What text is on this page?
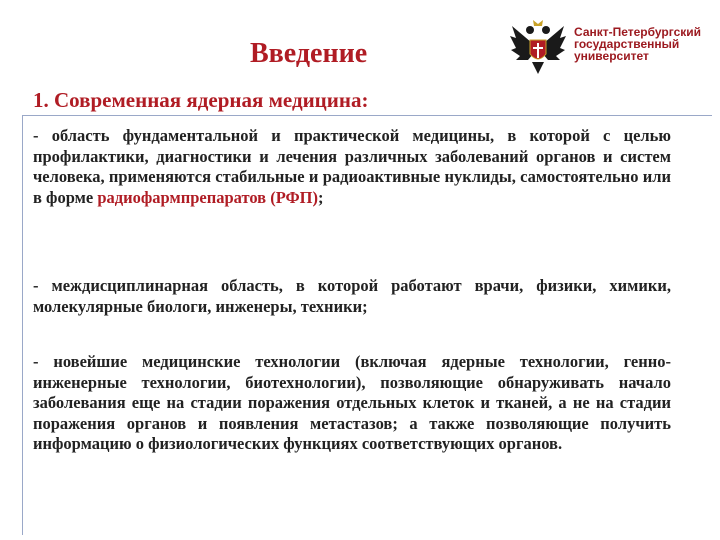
Введение
Санкт-Петербургский
государственный
университет
1. Современная ядерная медицина:

- область фундаментальной и практической медицины, в которой с целью профилактики, диагностики и лечения различных заболеваний органов и систем человека, применяются стабильные и радиоактивные нуклиды, самостоятельно или в форме радиофармпрепаратов (РФП);

- междисциплинарная область, в которой работают врачи, физики, химики, молекулярные биологи, инженеры, техники;

- новейшие медицинские технологии (включая ядерные технологии, генно-инженерные технологии, биотехнологии), позволяющие обнаруживать начало заболевания еще на стадии поражения отдельных клеток и тканей, а не на стадии поражения органов и появления метастазов; а также позволяющие получить информацию о физиологических функциях соответствующих органов.
